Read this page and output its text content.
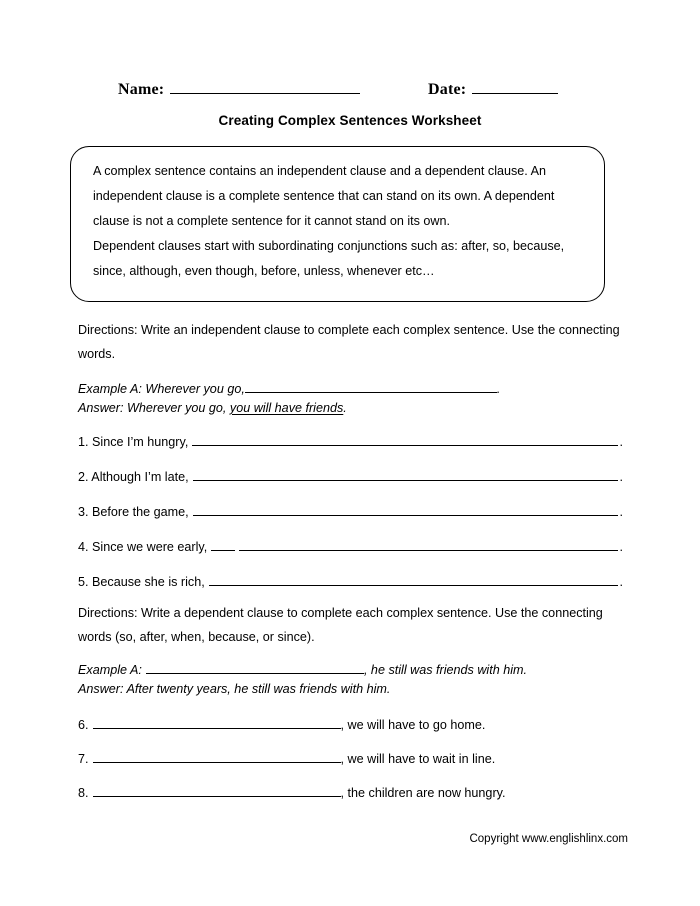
Name:	Date:
Creating Complex Sentences Worksheet

A complex sentence contains an independent clause and a dependent clause. An independent clause is a complete sentence that can stand on its own. A dependent clause is not a complete sentence for it cannot stand on its own.

Dependent clauses start with subordinating conjunctions such as: after, so, because, since, although, even though, before, unless, whenever etc…

Directions: Write an independent clause to complete each complex sentence. Use the connecting words.
Example A: Wherever you go,	.
Answer: Wherever you go, you will have friends.
1. Since I’m hungry,	.
2. Although I’m late,	.
3. Before the game,	.
4. Since we were early,	.
5. Because she is rich,	.
Directions: Write a dependent clause to complete each complex sentence. Use the connecting words (so, after, when, because, or since).
Example A:	, he still was friends with him.
Answer: After twenty years, he still was friends with him.
6.	, we will have to go home.
7.	, we will have to wait in line.
8.	, the children are now hungry.
Copyright www.englishlinx.com
